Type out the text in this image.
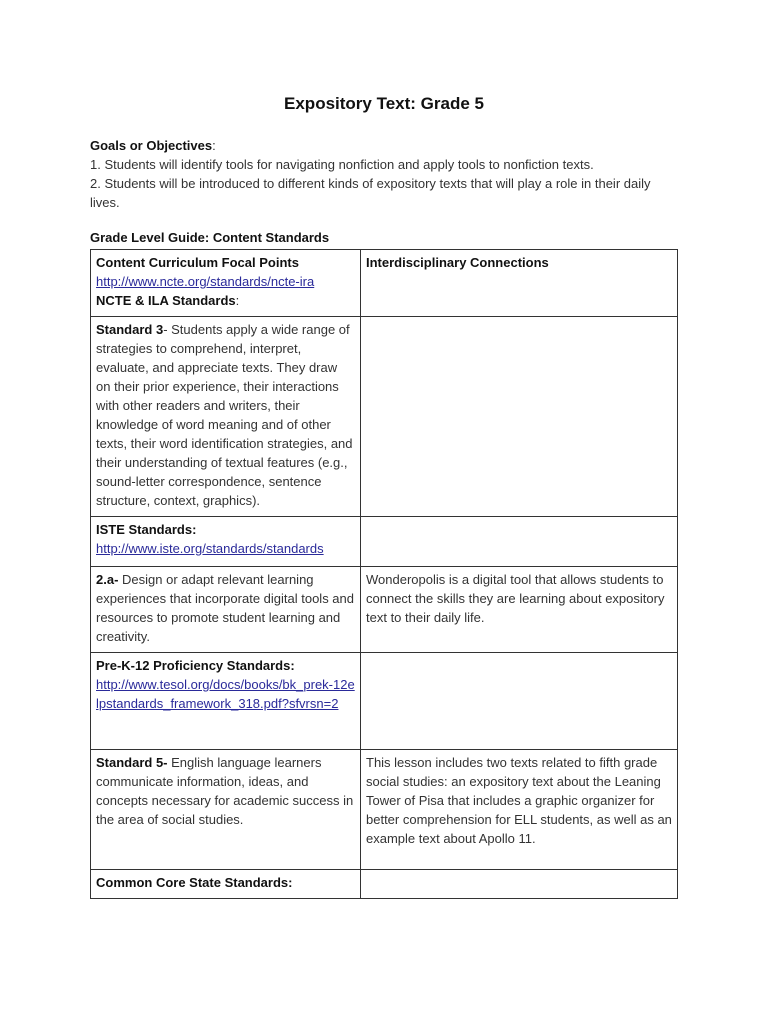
Expository Text: Grade 5
Goals or Objectives:
1. Students will identify tools for navigating nonfiction and apply tools to nonfiction texts.
2. Students will be introduced to different kinds of expository texts that will play a role in their daily lives.
Grade Level Guide: Content Standards
Content Curriculum Focal Points
http://www.ncte.org/standards/ncte-ira
NCTE & ILA Standards:	Interdisciplinary Connections
Standard 3- Students apply a wide range of strategies to comprehend, interpret, evaluate, and appreciate texts. They draw on their prior experience, their interactions with other readers and writers, their knowledge of word meaning and of other texts, their word identification strategies, and their understanding of textual features (e.g., sound-letter correspondence, sentence structure, context, graphics).	
ISTE Standards:
http://www.iste.org/standards/standards	
2.a- Design or adapt relevant learning experiences that incorporate digital tools and resources to promote student learning and creativity.	Wonderopolis is a digital tool that allows students to connect the skills they are learning about expository text to their daily life.
Pre-K-12 Proficiency Standards:
http://www.tesol.org/docs/books/bk_prek-12elpstandards_framework_318.pdf?sfvrsn=2	
Standard 5- English language learners communicate information, ideas, and concepts necessary for academic success in the area of social studies.	This lesson includes two texts related to fifth grade social studies: an expository text about the Leaning Tower of Pisa that includes a graphic organizer for better comprehension for ELL students, as well as an example text about Apollo 11.
Common Core State Standards:	
